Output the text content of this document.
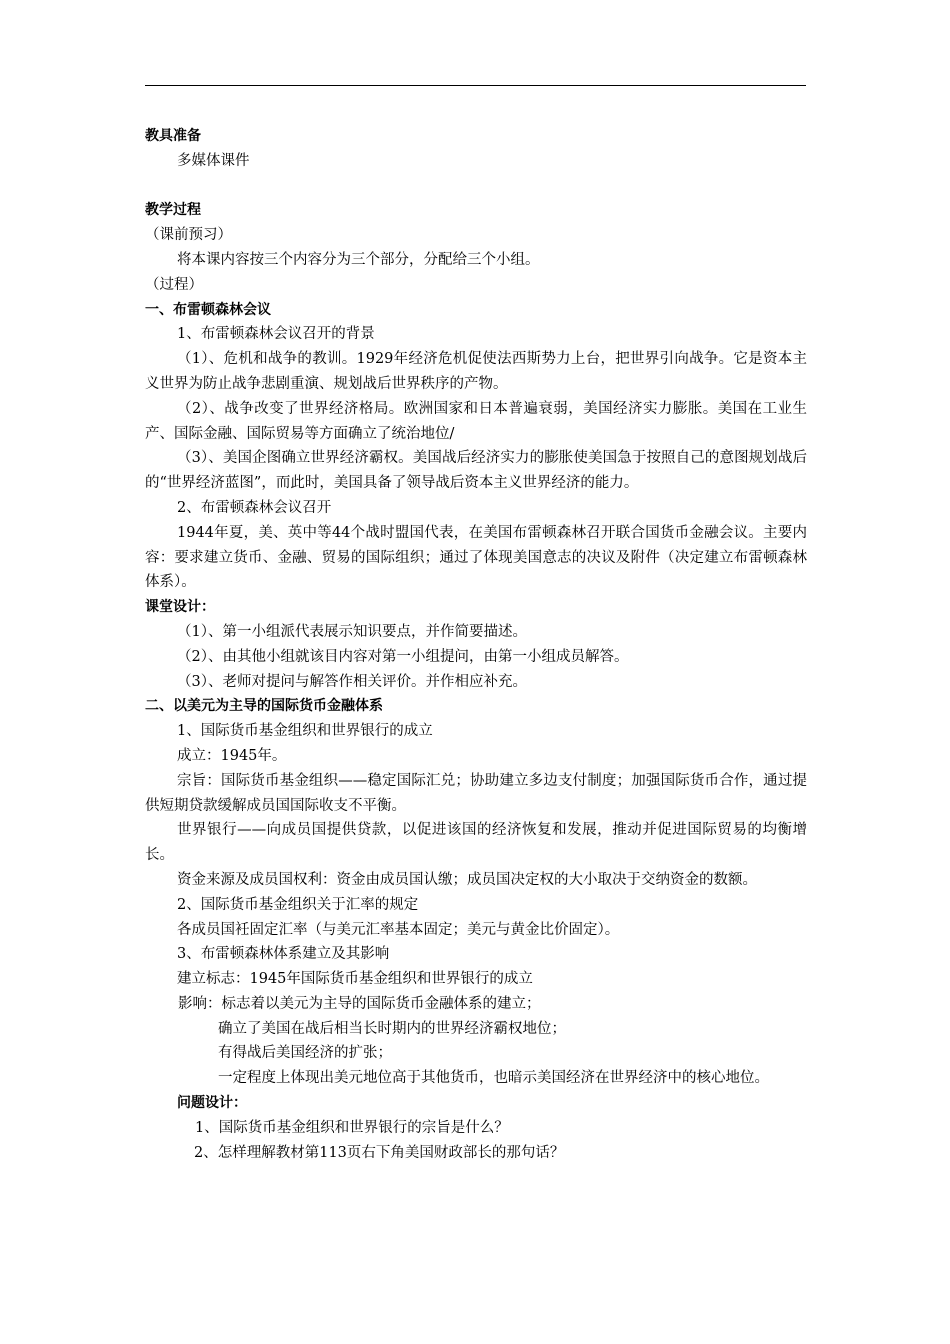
教具准备

多媒体课件

教学过程

（课前预习）

将本课内容按三个内容分为三个部分，分配给三个小组。

（过程）

一、布雷顿森林会议

1、布雷顿森林会议召开的背景

（1）、危机和战争的教训。1929年经济危机促使法西斯势力上台，把世界引向战争。它是资本主义世界为防止战争悲剧重演、规划战后世界秩序的产物。

（2）、战争改变了世界经济格局。欧洲国家和日本普遍衰弱，美国经济实力膨胀。美国在工业生产、国际金融、国际贸易等方面确立了统治地位/

（3）、美国企图确立世界经济霸权。美国战后经济实力的膨胀使美国急于按照自己的意图规划战后的“世界经济蓝图”，而此时，美国具备了领导战后资本主义世界经济的能力。

2、布雷顿森林会议召开

1944年夏，美、英中等44个战时盟国代表，在美国布雷顿森林召开联合国货币金融会议。主要内容：要求建立货币、金融、贸易的国际组织；通过了体现美国意志的决议及附件（决定建立布雷顿森林体系）。

课堂设计：

（1）、第一小组派代表展示知识要点，并作简要描述。

（2）、由其他小组就该目内容对第一小组提问，由第一小组成员解答。

（3）、老师对提问与解答作相关评价。并作相应补充。

二、以美元为主导的国际货币金融体系

1、国际货币基金组织和世界银行的成立

成立：1945年。

宗旨：国际货币基金组织——稳定国际汇兑；协助建立多边支付制度；加强国际货币合作，通过提供短期贷款缓解成员国国际收支不平衡。

世界银行——向成员国提供贷款，以促进该国的经济恢复和发展，推动并促进国际贸易的均衡增长。

资金来源及成员国权利：资金由成员国认缴；成员国决定权的大小取决于交纳资金的数额。

2、国际货币基金组织关于汇率的规定

各成员国衽固定汇率（与美元汇率基本固定；美元与黄金比价固定）。

3、布雷顿森林体系建立及其影响

建立标志：1945年国际货币基金组织和世界银行的成立

影响：标志着以美元为主导的国际货币金融体系的建立；

确立了美国在战后相当长时期内的世界经济霸权地位；

有得战后美国经济的扩张；

一定程度上体现出美元地位高于其他货币，也暗示美国经济在世界经济中的核心地位。

问题设计：

1、国际货币基金组织和世界银行的宗旨是什么？

2、怎样理解教材第113页右下角美国财政部长的那句话？
